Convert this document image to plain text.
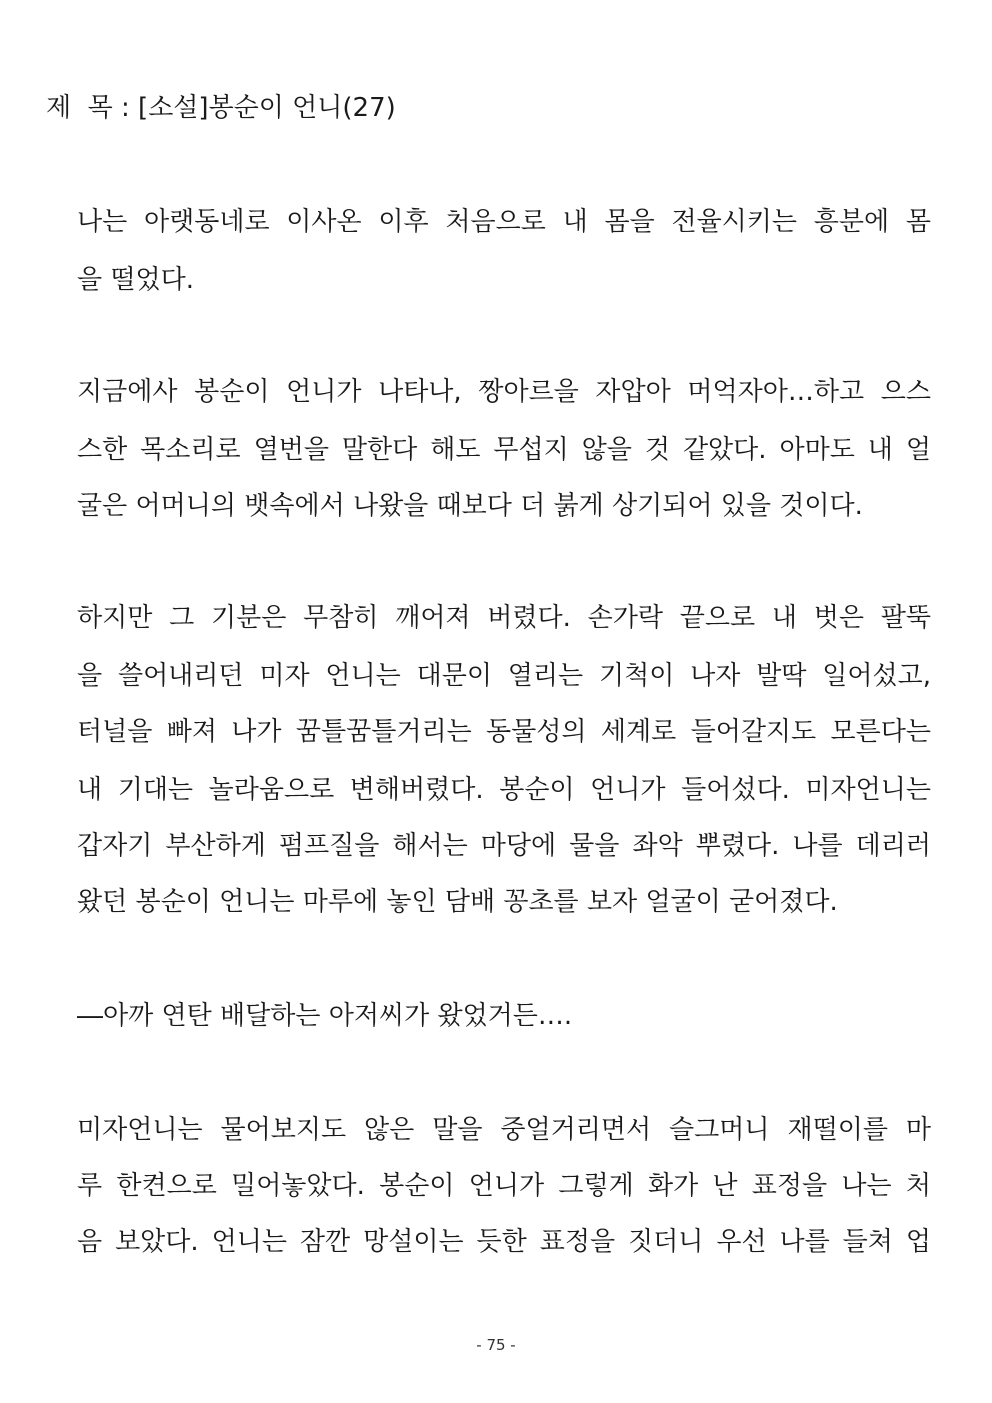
제  목 : [소설]봉순이 언니(27)
나는 아랫동네로 이사온 이후 처음으로 내 몸을 전율시키는 흥분에 몸
을 떨었다.
지금에사 봉순이 언니가 나타나, 짱아르을 자압아 머억자아…하고 으스
스한 목소리로 열번을 말한다 해도 무섭지 않을 것 같았다. 아마도 내 얼
굴은 어머니의 뱃속에서 나왔을 때보다 더 붉게 상기되어 있을 것이다.
하지만 그 기분은 무참히 깨어져 버렸다. 손가락 끝으로 내 벗은 팔뚝
을 쓸어내리던 미자 언니는 대문이 열리는 기척이 나자 발딱 일어섰고,
터널을 빠져 나가 꿈틀꿈틀거리는 동물성의 세계로 들어갈지도 모른다는
내 기대는 놀라움으로 변해버렸다. 봉순이 언니가 들어섰다. 미자언니는
갑자기 부산하게 펌프질을 해서는 마당에 물을 좌악 뿌렸다. 나를 데리러
왔던 봉순이 언니는 마루에 놓인 담배 꽁초를 보자 얼굴이 굳어졌다.
―아까 연탄 배달하는 아저씨가 왔었거든….
미자언니는 물어보지도 않은 말을 중얼거리면서 슬그머니 재떨이를 마
루 한켠으로 밀어놓았다. 봉순이 언니가 그렇게 화가 난 표정을 나는 처
음 보았다. 언니는 잠깐 망설이는 듯한 표정을 짓더니 우선 나를 들쳐 업
- 75 -
